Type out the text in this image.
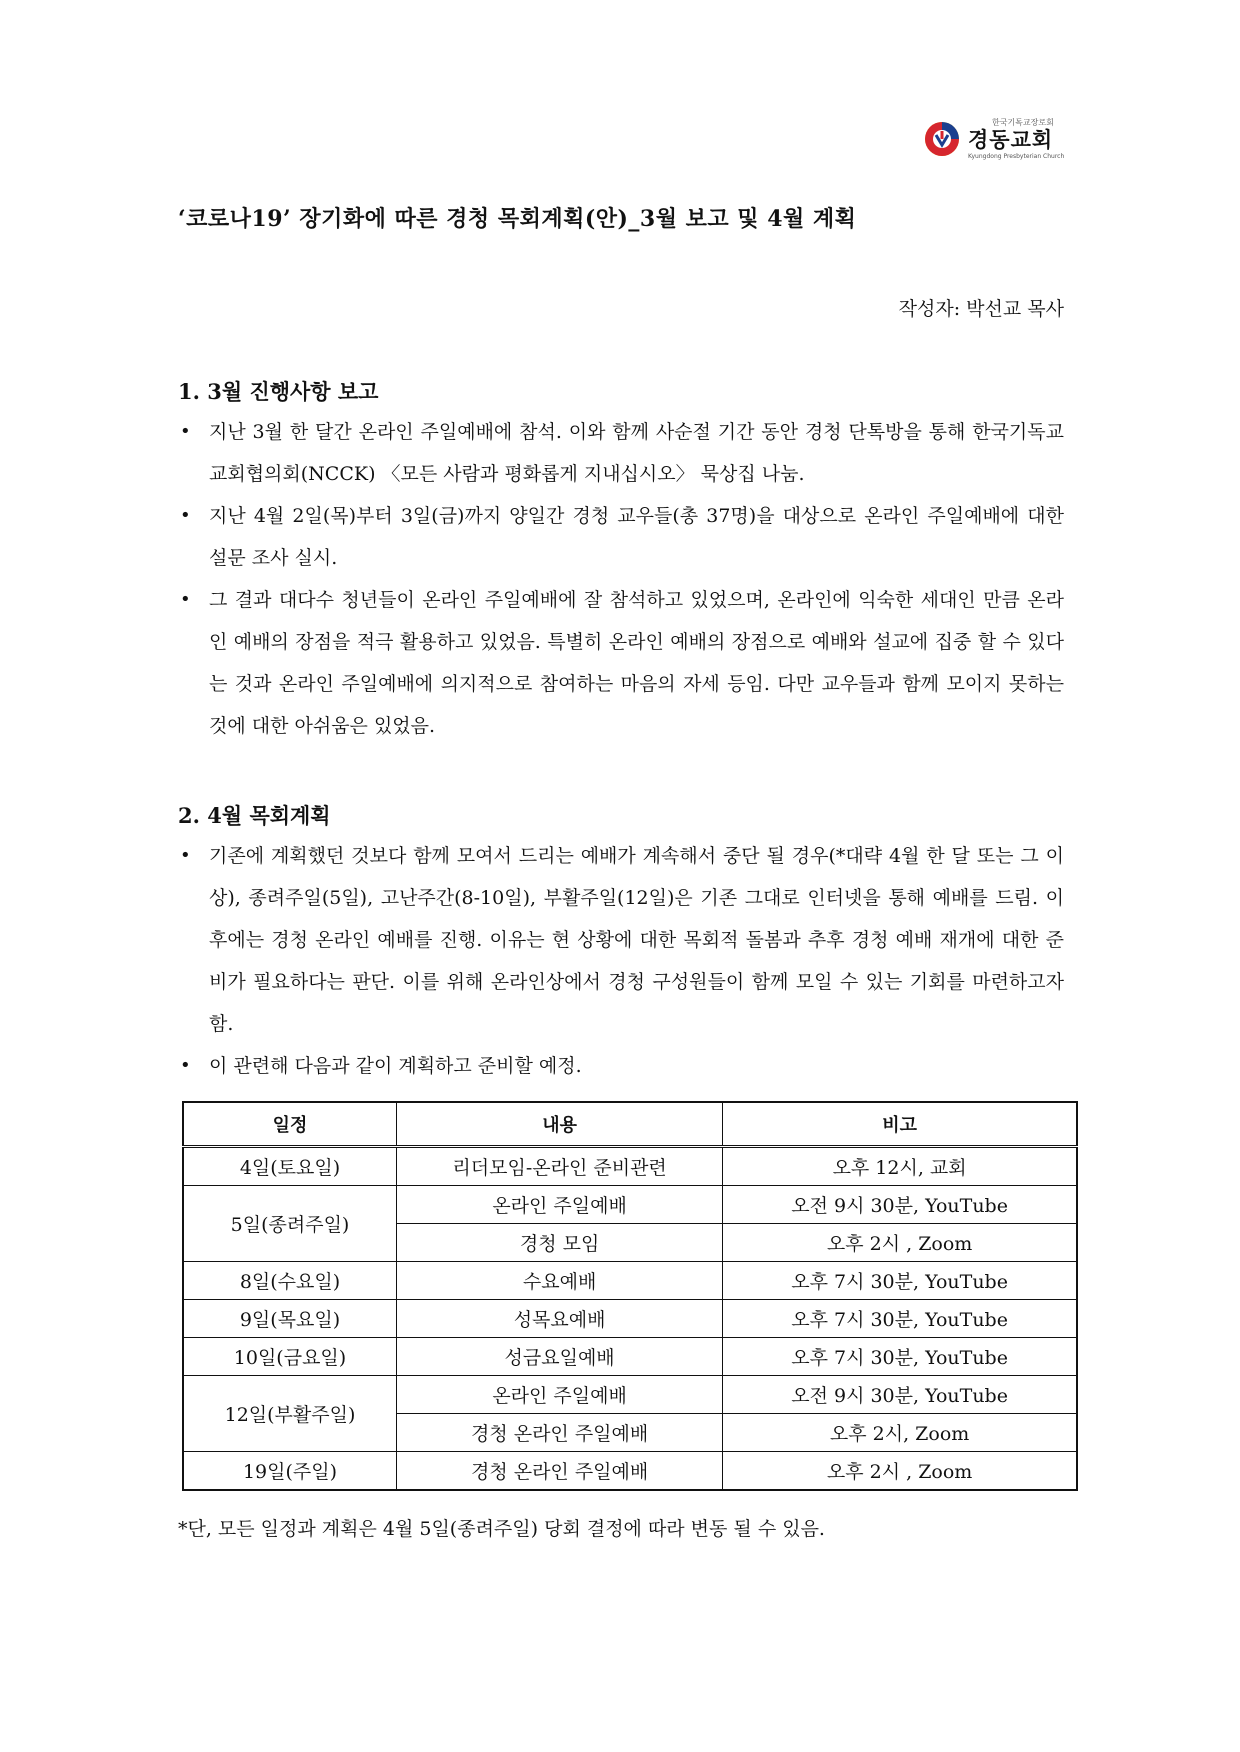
한국기독교장로회
경동교회
Kyungdong Presbyterian Church
‘코로나19’ 장기화에 따른 경청 목회계획(안)_3월 보고 및 4월 계획
작성자: 박선교 목사
1. 3월 진행사항 보고
• 지난 3월 한 달간 온라인 주일예배에 참석. 이와 함께 사순절 기간 동안 경청 단톡방을 통해 한국기독교교회협의회(NCCK) 〈모든 사람과 평화롭게 지내십시오〉 묵상집 나눔.
• 지난 4월 2일(목)부터 3일(금)까지 양일간 경청 교우들(총 37명)을 대상으로 온라인 주일예배에 대한 설문 조사 실시.
• 그 결과 대다수 청년들이 온라인 주일예배에 잘 참석하고 있었으며, 온라인에 익숙한 세대인 만큼 온라인 예배의 장점을 적극 활용하고 있었음. 특별히 온라인 예배의 장점으로 예배와 설교에 집중 할 수 있다는 것과 온라인 주일예배에 의지적으로 참여하는 마음의 자세 등임. 다만 교우들과 함께 모이지 못하는 것에 대한 아쉬움은 있었음.
2. 4월 목회계획
• 기존에 계획했던 것보다 함께 모여서 드리는 예배가 계속해서 중단 될 경우(*대략 4월 한 달 또는 그 이상), 종려주일(5일), 고난주간(8-10일), 부활주일(12일)은 기존 그대로 인터넷을 통해 예배를 드림. 이후에는 경청 온라인 예배를 진행. 이유는 현 상황에 대한 목회적 돌봄과 추후 경청 예배 재개에 대한 준비가 필요하다는 판단. 이를 위해 온라인상에서 경청 구성원들이 함께 모일 수 있는 기회를 마련하고자 함.
• 이 관련해 다음과 같이 계획하고 준비할 예정.
일정	내용	비고
4일(토요일)	리더모임-온라인 준비관련	오후 12시, 교회
5일(종려주일)	온라인 주일예배	오전 9시 30분, YouTube
	경청 모임	오후 2시 , Zoom
8일(수요일)	수요예배	오후 7시 30분, YouTube
9일(목요일)	성목요예배	오후 7시 30분, YouTube
10일(금요일)	성금요일예배	오후 7시 30분, YouTube
12일(부활주일)	온라인 주일예배	오전 9시 30분, YouTube
	경청 온라인 주일예배	오후 2시, Zoom
19일(주일)	경청 온라인 주일예배	오후 2시 , Zoom
*단, 모든 일정과 계획은 4월 5일(종려주일) 당회 결정에 따라 변동 될 수 있음.
